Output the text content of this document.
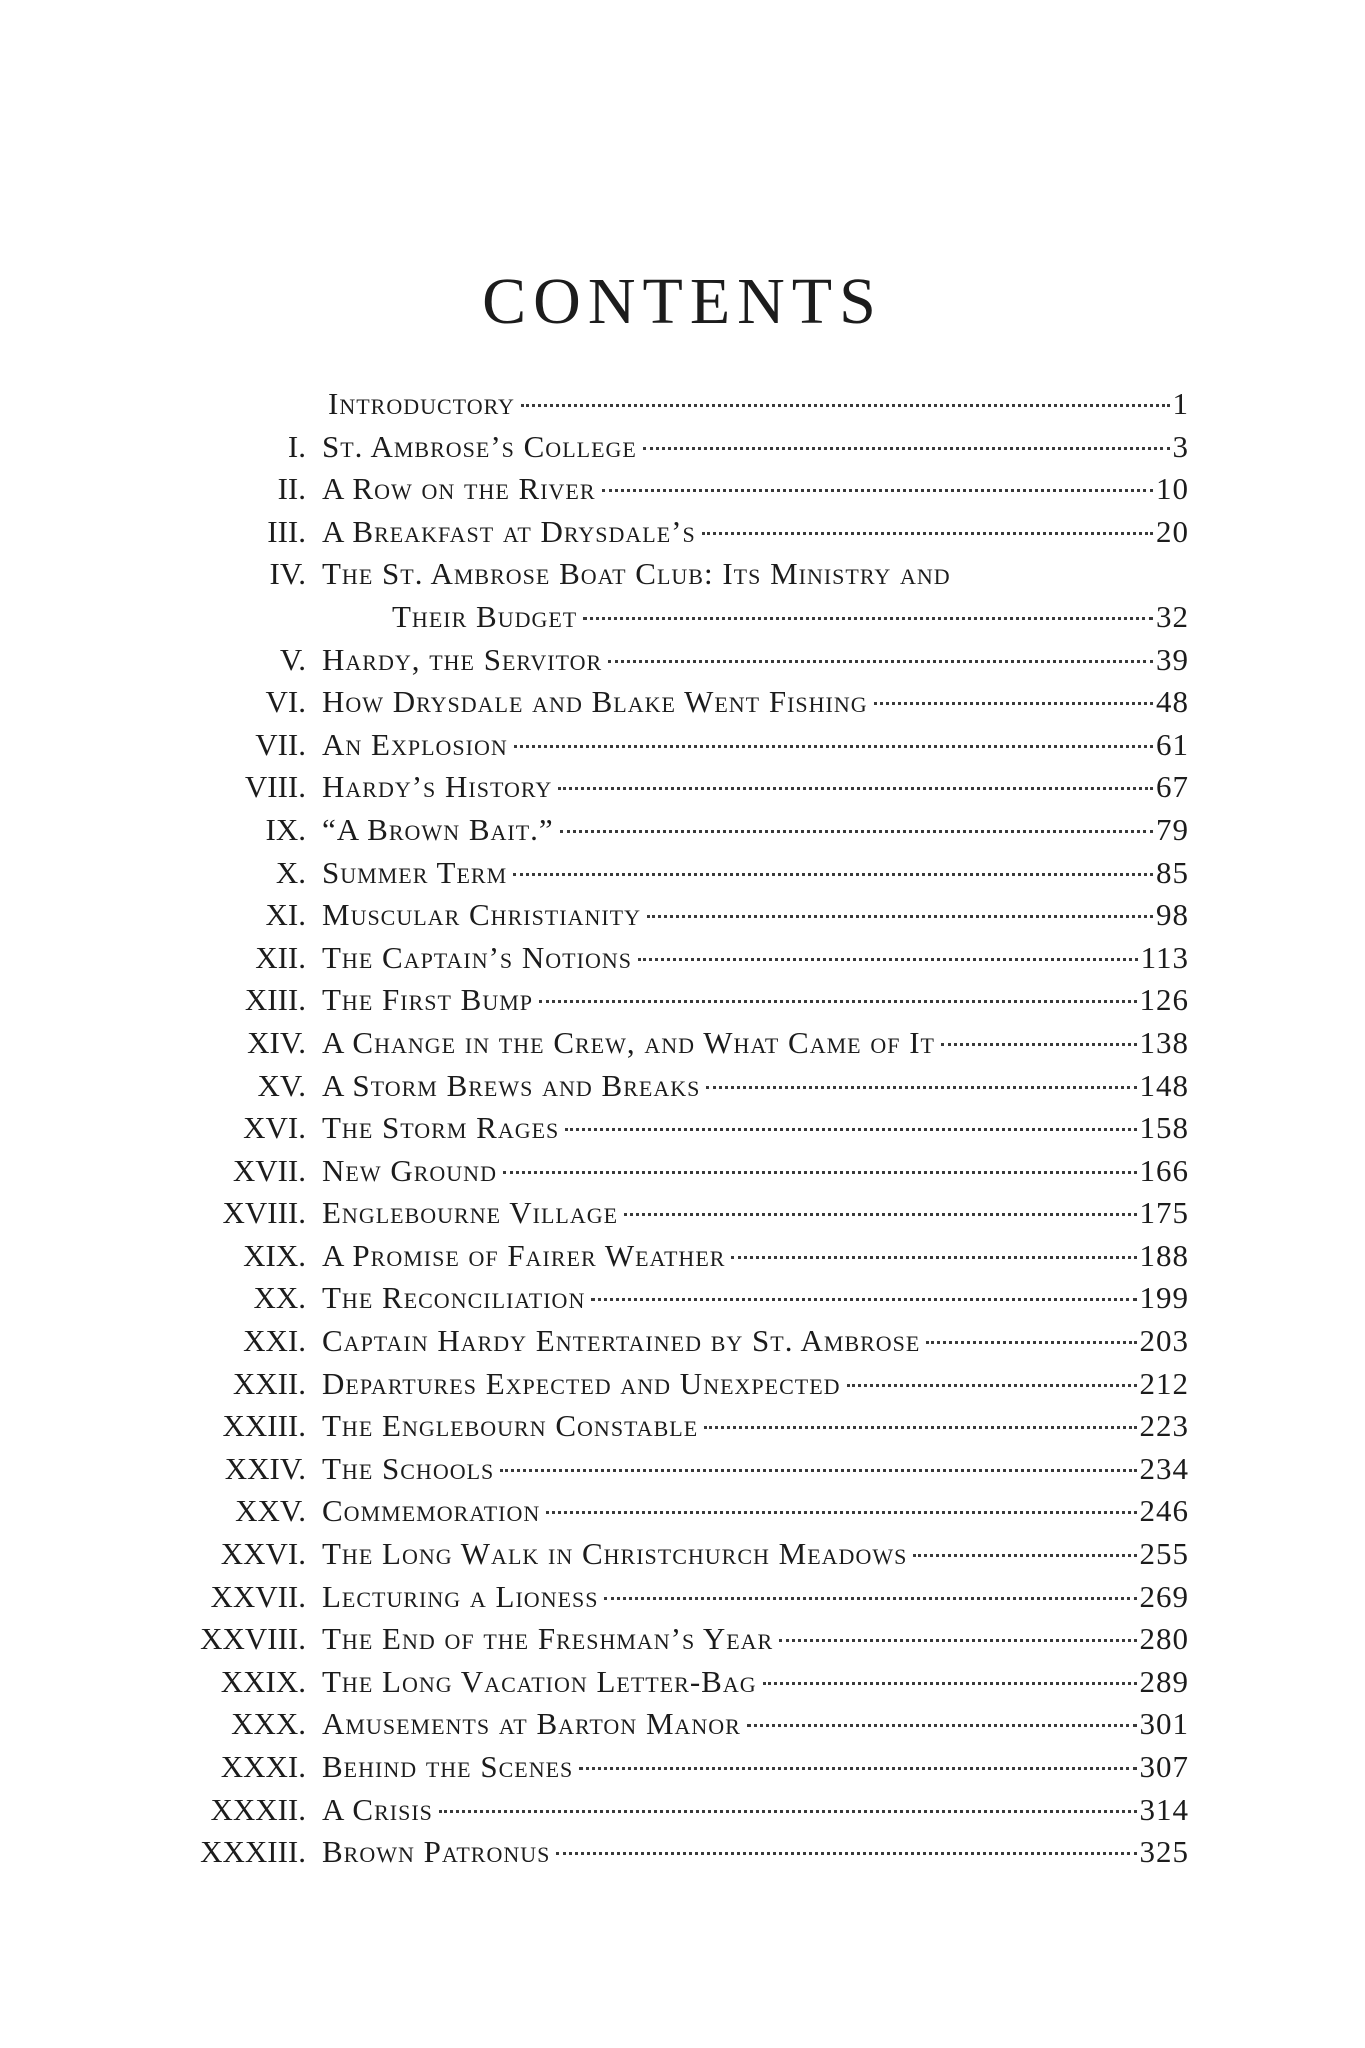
CONTENTS
Introductory	1
I. St. Ambrose’s College	3
II. A Row on the River	10
III. A Breakfast at Drysdale’s	20
IV. The St. Ambrose Boat Club: Its Ministry and
Their Budget	32
V. Hardy, the Servitor	39
VI. How Drysdale and Blake Went Fishing	48
VII. An Explosion	61
VIII. Hardy’s History	67
IX. “A Brown Bait.”	79
X. Summer Term	85
XI. Muscular Christianity	98
XII. The Captain’s Notions	113
XIII. The First Bump	126
XIV. A Change in the Crew, and What Came of It	138
XV. A Storm Brews and Breaks	148
XVI. The Storm Rages	158
XVII. New Ground	166
XVIII. Englebourne Village	175
XIX. A Promise of Fairer Weather	188
XX. The Reconciliation	199
XXI. Captain Hardy Entertained by St. Ambrose	203
XXII. Departures Expected and Unexpected	212
XXIII. The Englebourn Constable	223
XXIV. The Schools	234
XXV. Commemoration	246
XXVI. The Long Walk in Christchurch Meadows	255
XXVII. Lecturing a Lioness	269
XXVIII. The End of the Freshman’s Year	280
XXIX. The Long Vacation Letter-Bag	289
XXX. Amusements at Barton Manor	301
XXXI. Behind the Scenes	307
XXXII. A Crisis	314
XXXIII. Brown Patronus	325
